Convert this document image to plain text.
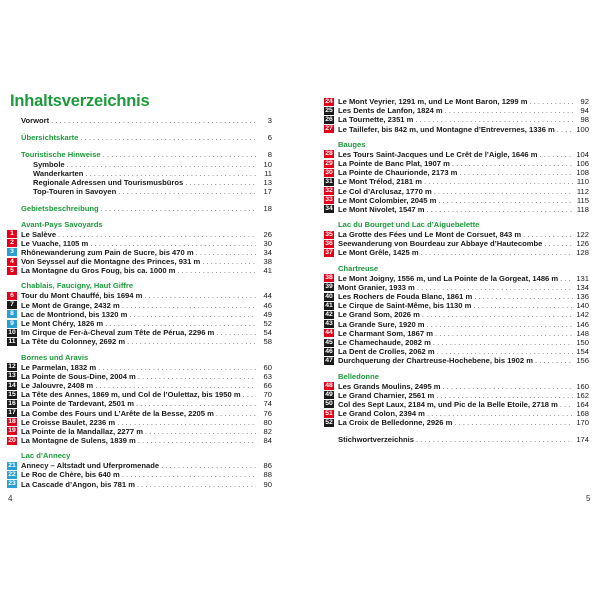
Inhaltsverzeichnis
Vorwort . . .	3
Übersichtskarte . . .	6
Touristische Hinweise . . .	8
Symbole . . .	10
Wanderkarten . . .	11
Regionale Adressen und Tourismusbüros . . .	13
Top-Touren in Savoyen . . .	17
Gebietsbeschreibung . . .	18
Avant-Pays Savoyards
1 Le Salève . . .	26
2 Le Vuache, 1105 m . . .	30
3 Rhônewanderung zum Pain de Sucre, bis 470 m . . .	34
4 Von Seyssel auf die Montagne des Princes, 931 m . . .	38
5 La Montagne du Gros Foug, bis ca. 1000 m . . .	41
Chablais, Faucigny, Haut Giffre
6 Tour du Mont Chauffé, bis 1694 m . . .	44
7 Le Mont de Grange, 2432 m . . .	46
8 Lac de Montriond, bis 1320 m . . .	49
9 Le Mont Chéry, 1826 m . . .	52
10 Im Cirque de Fer-à-Cheval zum Tête de Pérua, 2296 m . . .	54
11 La Tête du Colonney, 2692 m . . .	58
Bornes und Aravis
12 Le Parmelan, 1832 m . . .	60
13 La Pointe de Sous-Dine, 2004 m . . .	63
14 Le Jalouvre, 2408 m . . .	66
15 La Tête des Annes, 1869 m, und Col de l’Oulettaz, bis 1950 m . . .	70
16 La Pointe de Tardevant, 2501 m . . .	74
17 La Combe des Fours und L’Arête de la Besse, 2205 m . . .	76
18 Le Croisse Baulet, 2236 m . . .	80
19 La Pointe de la Mandallaz, 2277 m . . .	82
20 La Montagne de Sulens, 1839 m . . .	84
Lac d’Annecy
21 Annecy – Altstadt und Uferpromenade . . .	86
22 Le Roc de Chère, bis 640 m . . .	88
23 La Cascade d’Angon, bis 781 m . . .	90
4
24 Le Mont Veyrier, 1291 m, und Le Mont Baron, 1299 m . . .	92
25 Les Dents de Lanfon, 1824 m . . .	94
26 La Tournette, 2351 m . . .	98
27 Le Taillefer, bis 842 m, und Montagne d’Entrevernes, 1336 m . . .	100
Bauges
28 Les Tours Saint-Jacques und Le Crêt de l’Aigle, 1646 m . . .	104
29 La Pointe de Banc Plat, 1907 m . . .	106
30 La Pointe de Chaurionde, 2173 m . . .	108
31 Le Mont Trélod, 2181 m . . .	110
32 Le Col d’Arclusaz, 1770 m . . .	112
33 Le Mont Colombier, 2045 m . . .	115
34 Le Mont Nivolet, 1547 m . . .	118
Lac du Bourget und Lac d’Aiguebelette
35 La Grotte des Fées und Le Mont de Corsuet, 843 m . . .	122
36 Seewanderung von Bourdeau zur Abbaye d’Hautecombe . . .	126
37 Le Mont Grêle, 1425 m . . .	128
Chartreuse
38 Le Mont Joigny, 1556 m, und La Pointe de la Gorgeat, 1486 m . . . 131
39 Mont Granier, 1933 m . . .	134
40 Les Rochers de Fouda Blanc, 1861 m . . .	136
41 Le Cirque de Saint-Même, bis 1130 m . . .	140
42 Le Grand Som, 2026 m . . .	142
43 La Grande Sure, 1920 m . . .	146
44 Le Charmant Som, 1867 m . . .	148
45 Le Chamechaude, 2082 m . . .	150
46 La Dent de Crolles, 2062 m . . .	154
47 Durchquerung der Chartreuse-Hochebene, bis 1902 m . . .	156
Belledonne
48 Les Grands Moulins, 2495 m . . .	160
49 Le Grand Charnier, 2561 m . . .	162
50 Col des Sept Laux, 2184 m, und Pic de la Belle Etoile, 2718 m . . . 164
51 Le Grand Colon, 2394 m . . .	168
52 La Croix de Belledonne, 2926 m . . .	170
Stichwortverzeichnis . . .	174
5
